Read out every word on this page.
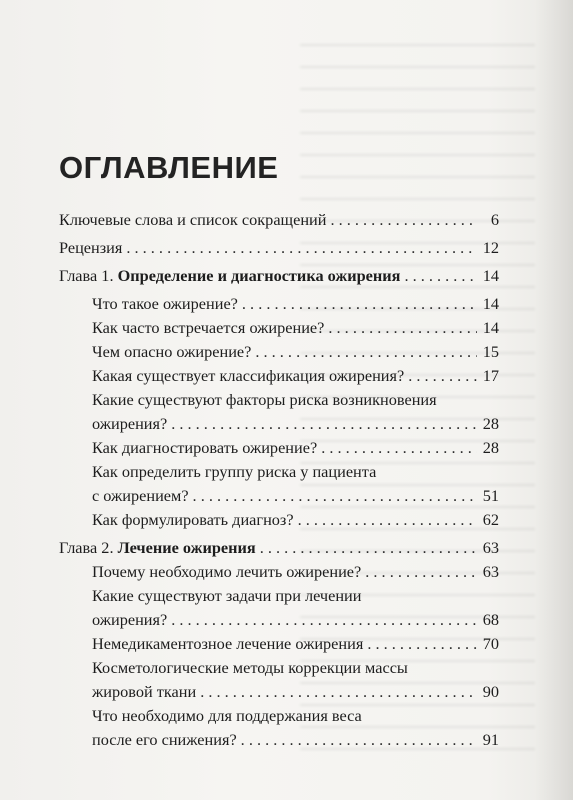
ОГЛАВЛЕНИЕ
Ключевые слова и список сокращений . . .	6
Рецензия . . .	12
Глава 1. Определение и диагностика ожирения . . .	14
Что такое ожирение? . . .	14
Как часто встречается ожирение? . . .	14
Чем опасно ожирение? . . .	15
Какая существует классификация ожирения? . . .	17
Какие существуют факторы риска возникновения
ожирения? . . .	28
Как диагностировать ожирение? . . .	28
Как определить группу риска у пациента
с ожирением? . . .	51
Как формулировать диагноз? . . .	62
Глава 2. Лечение ожирения . . .	63
Почему необходимо лечить ожирение? . . .	63
Какие существуют задачи при лечении
ожирения? . . .	68
Немедикаментозное лечение ожирения . . .	70
Косметологические методы коррекции массы
жировой ткани . . .	90
Что необходимо для поддержания веса
после его снижения? . . .	91
